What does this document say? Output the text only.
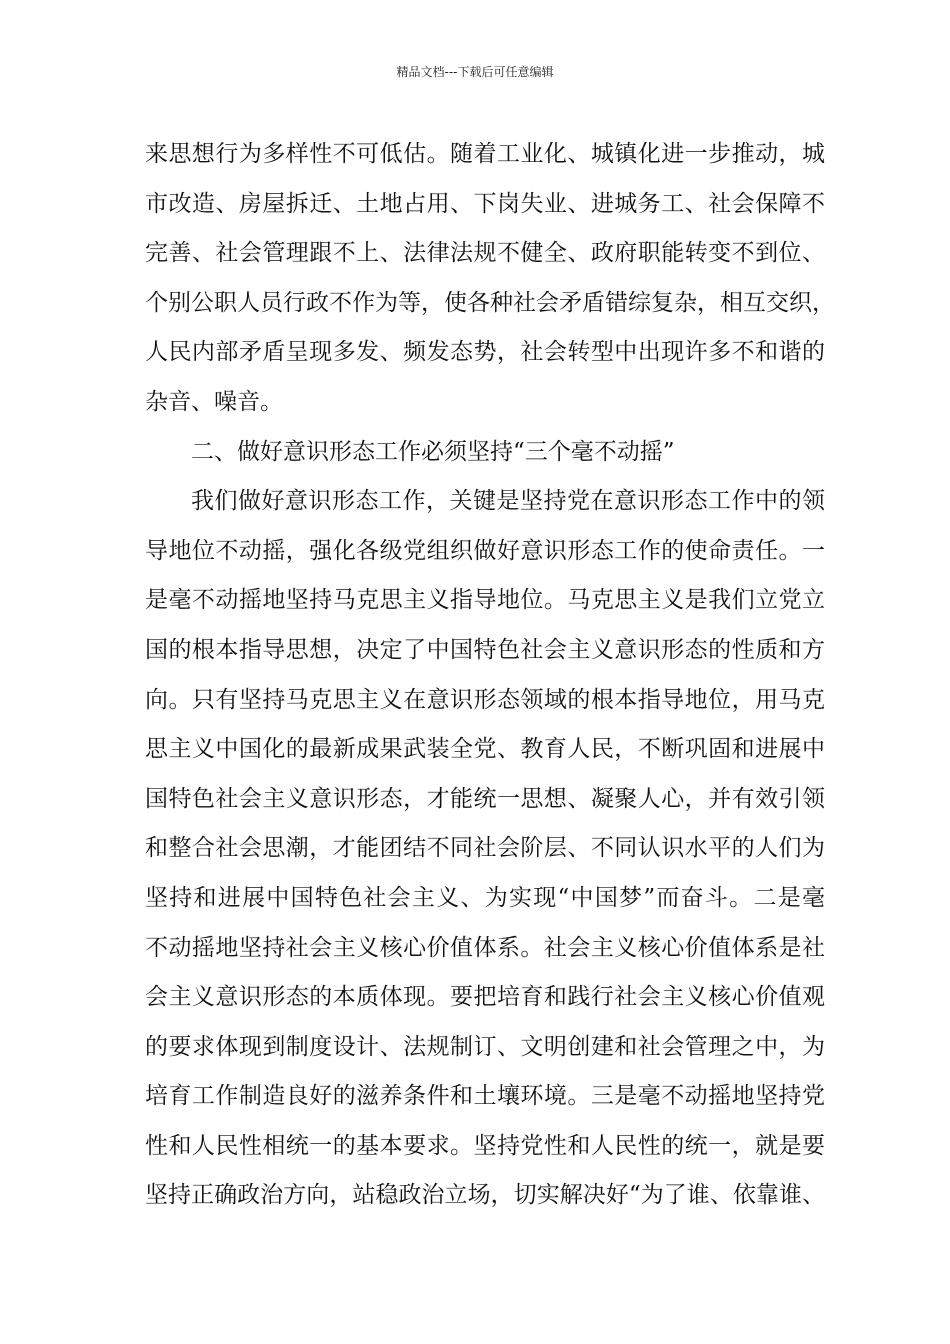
精品文档---下载后可任意编辑
来思想行为多样性不可低估。随着工业化、城镇化进一步推动，城
市改造、房屋拆迁、土地占用、下岗失业、进城务工、社会保障不
完善、社会管理跟不上、法律法规不健全、政府职能转变不到位、
个别公职人员行政不作为等，使各种社会矛盾错综复杂，相互交织，
人民内部矛盾呈现多发、频发态势，社会转型中出现许多不和谐的
杂音、噪音。
二、做好意识形态工作必须坚持“三个毫不动摇”
我们做好意识形态工作，关键是坚持党在意识形态工作中的领
导地位不动摇，强化各级党组织做好意识形态工作的使命责任。一
是毫不动摇地坚持马克思主义指导地位。马克思主义是我们立党立
国的根本指导思想，决定了中国特色社会主义意识形态的性质和方
向。只有坚持马克思主义在意识形态领域的根本指导地位，用马克
思主义中国化的最新成果武装全党、教育人民，不断巩固和进展中
国特色社会主义意识形态，才能统一思想、凝聚人心，并有效引领
和整合社会思潮，才能团结不同社会阶层、不同认识水平的人们为
坚持和进展中国特色社会主义、为实现“中国梦”而奋斗。二是毫
不动摇地坚持社会主义核心价值体系。社会主义核心价值体系是社
会主义意识形态的本质体现。要把培育和践行社会主义核心价值观
的要求体现到制度设计、法规制订、文明创建和社会管理之中，为
培育工作制造良好的滋养条件和土壤环境。三是毫不动摇地坚持党
性和人民性相统一的基本要求。坚持党性和人民性的统一，就是要
坚持正确政治方向，站稳政治立场，切实解决好“为了谁、依靠谁、
